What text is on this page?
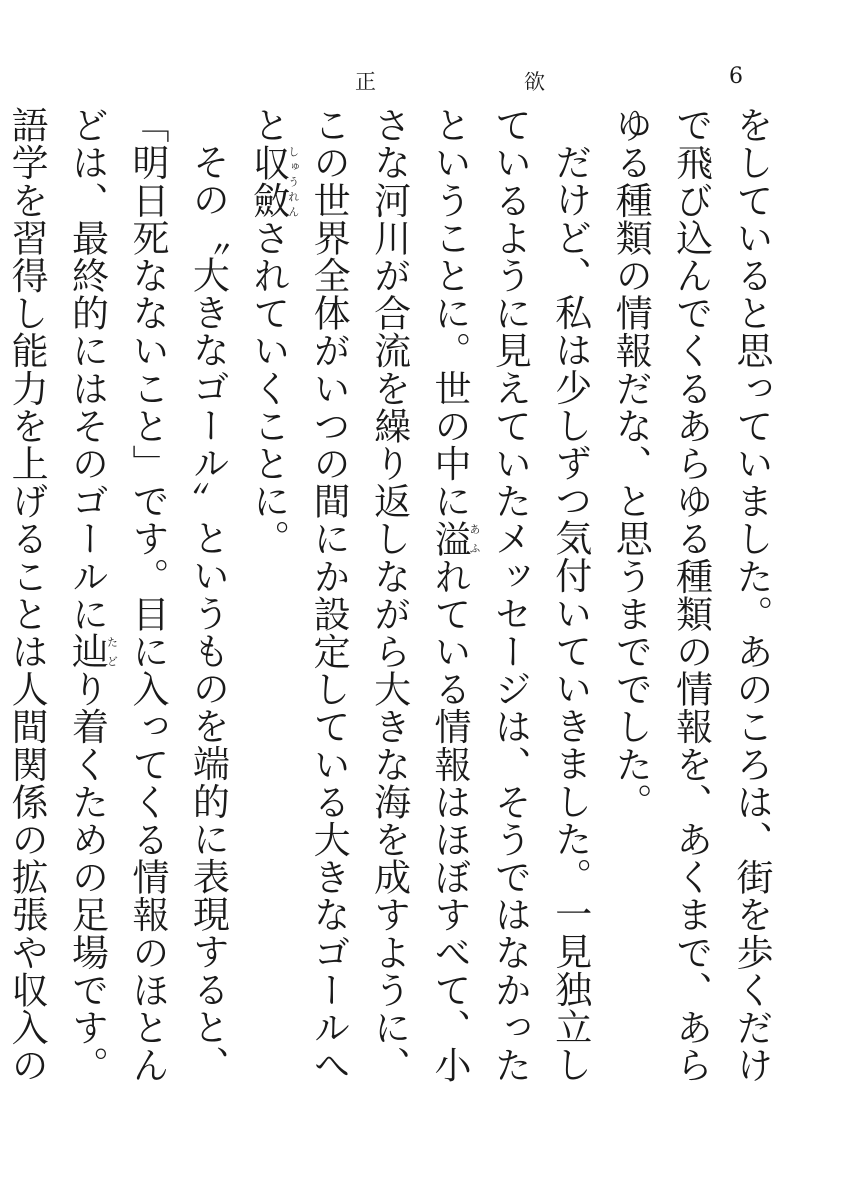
正	欲	6

をしていると思っていました。あのころは、街を歩くだけで飛び込んでくるあらゆる種類の情報を、あくまで、あらゆる種類の情報だな、と思うまででした。

だけど、私は少しずつ気付いていきました。一見独立しているように見えていたメッセージは、そうではなかったということに。世の中に溢あふれている情報はほぼすべて、小さな河川が合流を繰り返しながら大きな海を成すように、この世界全体がいつの間にか設定している大きなゴールへと収斂しゅうれんされていくことに。

その〝大きなゴール〟というものを端的に表現すると、「明日死なないこと」です。目に入ってくる情報のほとんどは、最終的にはそのゴールに辿たどり着くための足場です。語学を習得し能力を上げることは人間関係の拡張や収入の
